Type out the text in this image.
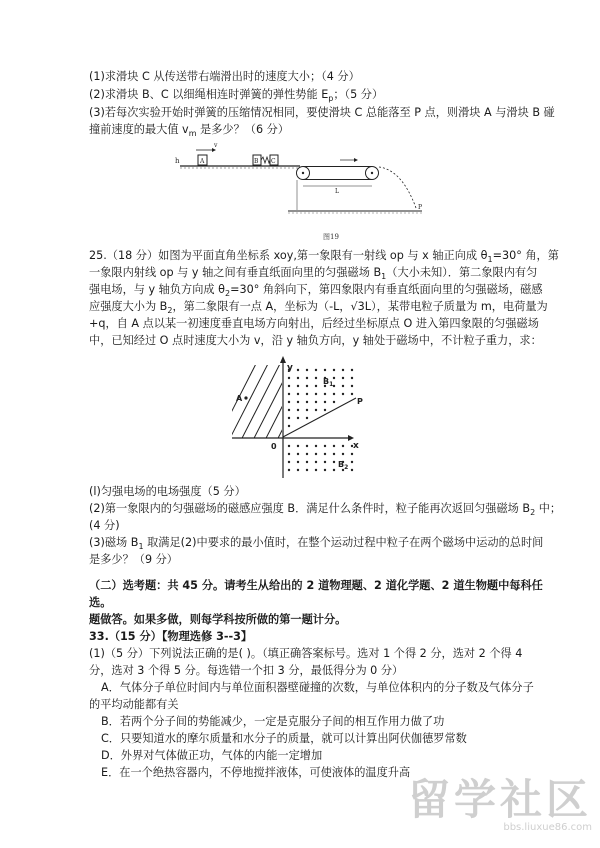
(1)求滑块 C 从传送带右端滑出时的速度大小；（4 分）
(2)求滑块 B、C 以细绳相连时弹簧的弹性势能 $E_p$；（5 分）
(3)若每次实验开始时弹簧的压缩情况相同，要使滑块 C 总能落至 P 点，则滑块 A 与滑块 B 碰
撞前速度的最大值 $v_m$ 是多少？（6 分）
h
v
A	B C
L
P
图19
25.（18 分）如图为平面直角坐标系 xoy,第一象限有一射线 op 与 x 轴正向成 $\theta_1=30^\circ$ 角，第
一象限内射线 op 与 y 轴之间有垂直纸面向里的匀强磁场 $B_1$（大小未知）．第二象限内有匀
强电场，与 y 轴负方向成 $\theta_2=30^\circ$ 角斜向下，第四象限内有垂直纸面向里的匀强磁场，磁感
应强度大小为 $B_2$，第二象限有一点 A，坐标为（-L，√3L），某带电粒子质量为 m，电荷量为
+q，自 A 点以某一初速度垂直电场方向射出，后经过坐标原点 O 进入第四象限的匀强磁场
中，已知经过 O 点时速度大小为 v，沿 y 轴负方向，y 轴处于磁场中，不计粒子重力，求：
y
x
0
A	P
$B_1$
$B_2$
(l)匀强电场的电场强度（5 分）
(2)第一象限内的匀强磁场的磁感应强度 B．满足什么条件时，粒子能再次返回匀强磁场 $B_2$ 中；
(4 分)
(3)磁场 $B_1$ 取满足(2)中要求的最小值时，在整个运动过程中粒子在两个磁场中运动的总时间
是多少？（9 分）
（二）选考题：共 45 分。请考生从给出的 2 道物理题、2 道化学题、2 道生物题中每科任
选。
题做答。如果多做，则每学科按所做的第一题计分。
33.（15 分）【物理选修 3--3】
(1)（5 分）下列说法正确的是( )。（填正确答案标号。选对 1 个得 2 分，选对 2 个得 4
分，选对 3 个得 5 分。每选错一个扣 3 分，最低得分为 0 分）
A．气体分子单位时间内与单位面积器壁碰撞的次数，与单位体积内的分子数及气体分子
的平均动能都有关
B．若两个分子间的势能减少，一定是克服分子间的相互作用力做了功
C．只要知道水的摩尔质量和水分子的质量，就可以计算出阿伏伽德罗常数
D．外界对气体做正功，气体的内能一定增加
E．在一个绝热容器内，不停地搅拌液体，可使液体的温度升高
留学社区
bbs.liuxue86.com
